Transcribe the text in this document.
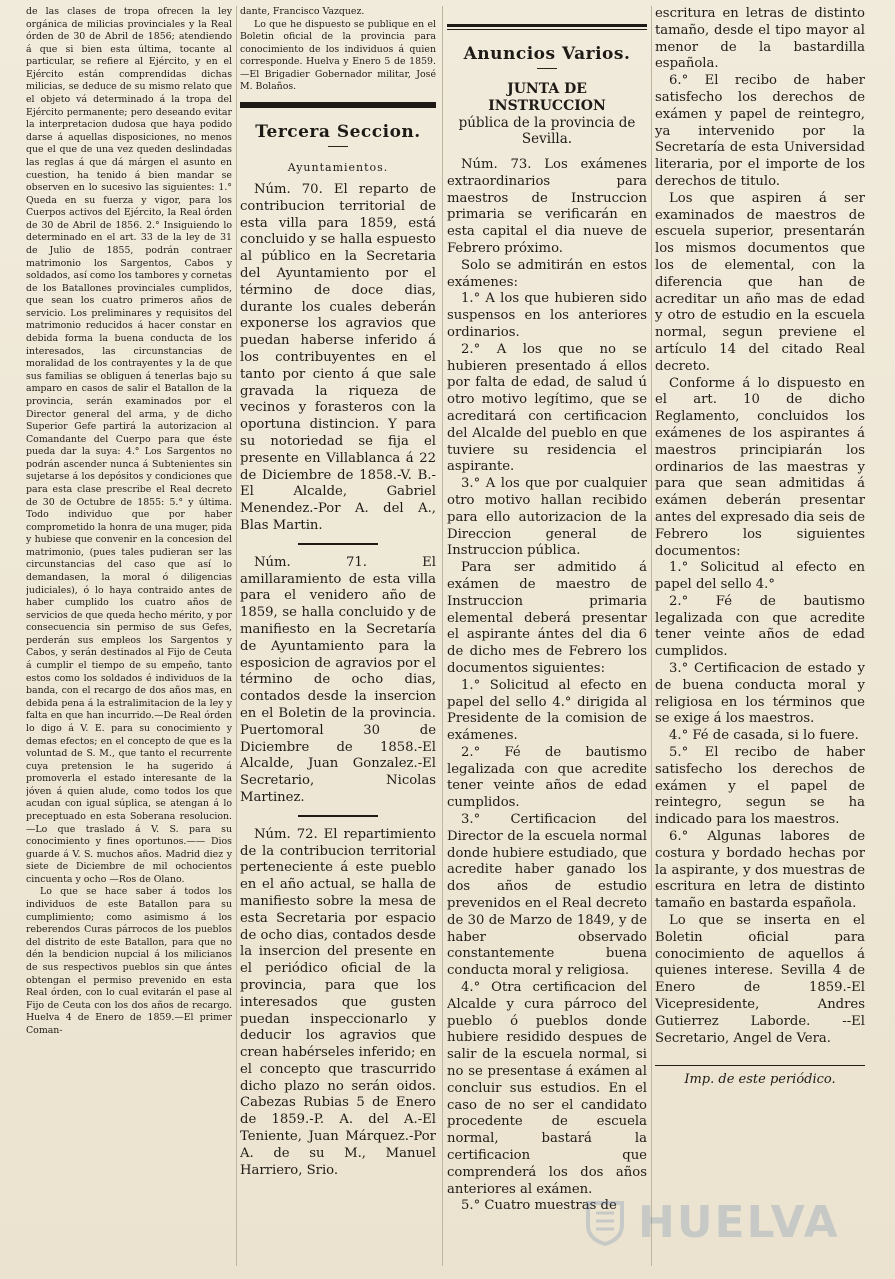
de las clases de tropa ofrecen la ley orgánica de milicias provinciales y la Real órden de 30 de Abril de 1856; atendiendo á que si bien esta última, tocante al particular, se refiere al Ejército, y en el Ejército están comprendidas dichas milicias, se deduce de su mismo relato que el objeto vá determinado á la tropa del Ejército permanente; pero deseando evitar la interpretacion dudosa que haya podido darse á aquellas disposiciones, no menos que el que de una vez queden deslindadas las reglas á que dá márgen el asunto en cuestion, ha tenido á bien mandar se observen en lo sucesivo las siguientes: 1.° Queda en su fuerza y vigor, para los Cuerpos activos del Ejército, la Real órden de 30 de Abril de 1856. 2.° Insiguiendo lo determinado en el art. 33 de la ley de 31 de Julio de 1855, podrán contraer matrimonio los Sargentos, Cabos y soldados, así como los tambores y cornetas de los Batallones provinciales cumplidos, que sean los cuatro primeros años de servicio. Los preliminares y requisitos del matrimonio reducidos á hacer constar en debida forma la buena conducta de los interesados, las circunstancias de moralidad de los contrayentes y la de que sus familias se obliguen á tenerlas bajo su amparo en casos de salir el Batallon de la provincia, serán examinados por el Director general del arma, y de dicho Superior Gefe partirá la autorizacion al Comandante del Cuerpo para que éste pueda dar la suya: 4.° Los Sargentos no podrán ascender nunca á Subtenientes sin sujetarse á los depósitos y condiciones que para esta clase prescribe el Real decreto de 30 de Octubre de 1855: 5.° y última. Todo individuo que por haber comprometido la honra de una muger, pida y hubiese que convenir en la concesion del matrimonio, (pues tales pudieran ser las circunstancias del caso que así lo demandasen, la moral ó diligencias judiciales), ó lo haya contraido antes de haber cumplido los cuatro años de servicios de que queda hecho mérito, y por consecuencia sin permiso de sus Gefes, perderán sus empleos los Sargentos y Cabos, y serán destinados al Fijo de Ceuta á cumplir el tiempo de su empeño, tanto estos como los soldados é individuos de la banda, con el recargo de dos años mas, en debida pena á la estralimitacion de la ley y falta en que han incurrido.—De Real órden lo digo á V. E. para su conocimiento y demas efectos; en el concepto de que es la voluntad de S. M., que tanto el recurrente cuya pretension le ha sugerido á promoverla el estado interesante de la jóven á quien alude, como todos los que acudan con igual súplica, se atengan á lo preceptuado en esta Soberana resolucion.—Lo que traslado á V. S. para su conocimiento y fines oportunos.—— Dios guarde á V. S. muchos años. Madrid diez y siete de Diciembre de mil ochocientos cincuenta y ocho —Ros de Olano.

Lo que se hace saber á todos los individuos de este Batallon para su cumplimiento; como asimismo á los reberendos Curas párrocos de los pueblos del distrito de este Batallon, para que no dén la bendicion nupcial á los milicianos de sus respectivos pueblos sin que ántes obtengan el permiso prevenido en esta Real órden, con lo cual evitarán el pase al Fijo de Ceuta con los dos años de recargo. Huelva 4 de Enero de 1859.—El primer Coman-

dante, Francisco Vazquez.

Lo que he dispuesto se publique en el Boletin oficial de la provincia para conocimiento de los individuos á quien corresponde. Huelva y Enero 5 de 1859.—El Brigadier Gobernador militar, José M. Bolaños.

Tercera Seccion.
Ayuntamientos.

Núm. 70. El reparto de contribucion territorial de esta villa para 1859, está concluido y se halla espuesto al público en la Secretaria del Ayuntamiento por el término de doce dias, durante los cuales deberán exponerse los agravios que puedan haberse inferido á los contribuyentes en el tanto por ciento á que sale gravada la riqueza de vecinos y forasteros con la oportuna distincion. Y para su notoriedad se fija el presente en Villablanca á 22 de Diciembre de 1858.-V. B.- El Alcalde, Gabriel Menendez.-Por A. del A., Blas Martin.

Núm. 71. El amillaramiento de esta villa para el venidero año de 1859, se halla concluido y de manifiesto en la Secretaría de Ayuntamiento para la esposicion de agravios por el término de ocho dias, contados desde la insercion en el Boletin de la provincia. Puertomoral 30 de Diciembre de 1858.-El Alcalde, Juan Gonzalez.-El Secretario, Nicolas Martinez.

Núm. 72. El repartimiento de la contribucion territorial perteneciente á este pueblo en el año actual, se halla de manifiesto sobre la mesa de esta Secretaria por espacio de ocho dias, contados desde la insercion del presente en el periódico oficial de la provincia, para que los interesados que gusten puedan inspeccionarlo y deducir los agravios que crean habérseles inferido; en el concepto que trascurrido dicho plazo no serán oidos. Cabezas Rubias 5 de Enero de 1859.-P. A. del A.-El Teniente, Juan Márquez.-Por A. de su M., Manuel Harriero, Srio.

Anuncios Varios.

JUNTA DE INSTRUCCION

pública de la provincia de Sevilla.

Núm. 73. Los exámenes extraordinarios para maestros de Instruccion primaria se verificarán en esta capital el dia nueve de Febrero próximo.

Solo se admitirán en estos exámenes:

1.° A los que hubieren sido suspensos en los anteriores ordinarios.

2.° A los que no se hubieren presentado á ellos por falta de edad, de salud ú otro motivo legítimo, que se acreditará con certificacion del Alcalde del pueblo en que tuviere su residencia el aspirante.

3.° A los que por cualquier otro motivo hallan recibido para ello autorizacion de la Direccion general de Instruccion pública.

Para ser admitido á exámen de maestro de Instruccion primaria elemental deberá presentar el aspirante ántes del dia 6 de dicho mes de Febrero los documentos siguientes:

1.° Solicitud al efecto en papel del sello 4.° dirigida al Presidente de la comision de exámenes.

2.° Fé de bautismo legalizada con que acredite tener veinte años de edad cumplidos.

3.° Certificacion del Director de la escuela normal donde hubiere estudiado, que acredite haber ganado los dos años de estudio prevenidos en el Real decreto de 30 de Marzo de 1849, y de haber observado constantemente buena conducta moral y religiosa.

4.° Otra certificacion del Alcalde y cura párroco del pueblo ó pueblos donde hubiere residido despues de salir de la escuela normal, si no se presentase á exámen al concluir sus estudios. En el caso de no ser el candidato procedente de escuela normal, bastará la certificacion que comprenderá los dos años anteriores al exámen.

5.° Cuatro muestras de

escritura en letras de distinto tamaño, desde el tipo mayor al menor de la bastardilla española.

6.° El recibo de haber satisfecho los derechos de exámen y papel de reintegro, ya intervenido por la Secretaría de esta Universidad literaria, por el importe de los derechos de titulo.

Los que aspiren á ser examinados de maestros de escuela superior, presentarán los mismos documentos que los de elemental, con la diferencia que han de acreditar un año mas de edad y otro de estudio en la escuela normal, segun previene el artículo 14 del citado Real decreto.

Conforme á lo dispuesto en el art. 10 de dicho Reglamento, concluidos los exámenes de los aspirantes á maestros principiarán los ordinarios de las maestras y para que sean admitidas á exámen deberán presentar antes del expresado dia seis de Febrero los siguientes documentos:

1.° Solicitud al efecto en papel del sello 4.°

2.° Fé de bautismo legalizada con que acredite tener veinte años de edad cumplidos.

3.° Certificacion de estado y de buena conducta moral y religiosa en los términos que se exige á los maestros.

4.° Fé de casada, si lo fuere.

5.° El recibo de haber satisfecho los derechos de exámen y el papel de reintegro, segun se ha indicado para los maestros.

6.° Algunas labores de costura y bordado hechas por la aspirante, y dos muestras de escritura en letra de distinto tamaño en bastarda española.

Lo que se inserta en el Boletin oficial para conocimiento de aquellos á quienes interese. Sevilla 4 de Enero de 1859.-El Vicepresidente, Andres Gutierrez Laborde. --El Secretario, Angel de Vera.

Imp. de este periódico.

HUELVA
